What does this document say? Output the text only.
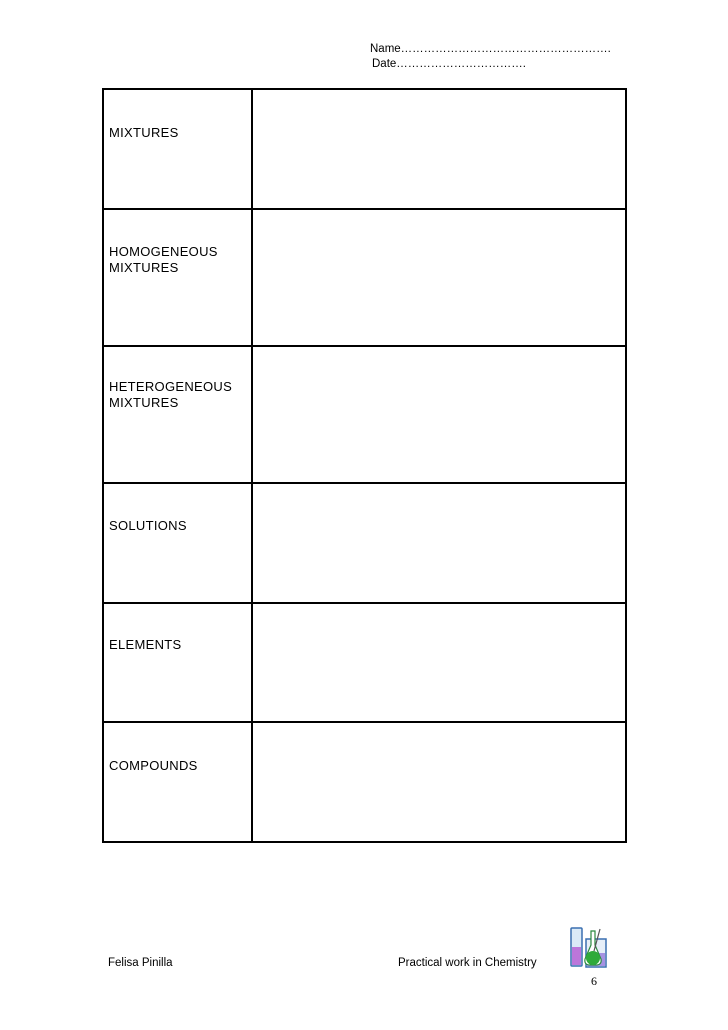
Name……………………………………………….
Date…………………………….
MIXTURES	

HOMOGENEOUS
MIXTURES	

HETEROGENEOUS
MIXTURES	

SOLUTIONS	

ELEMENTS	

COMPOUNDS	

Felisa Pinilla	Practical work in Chemistry
6
